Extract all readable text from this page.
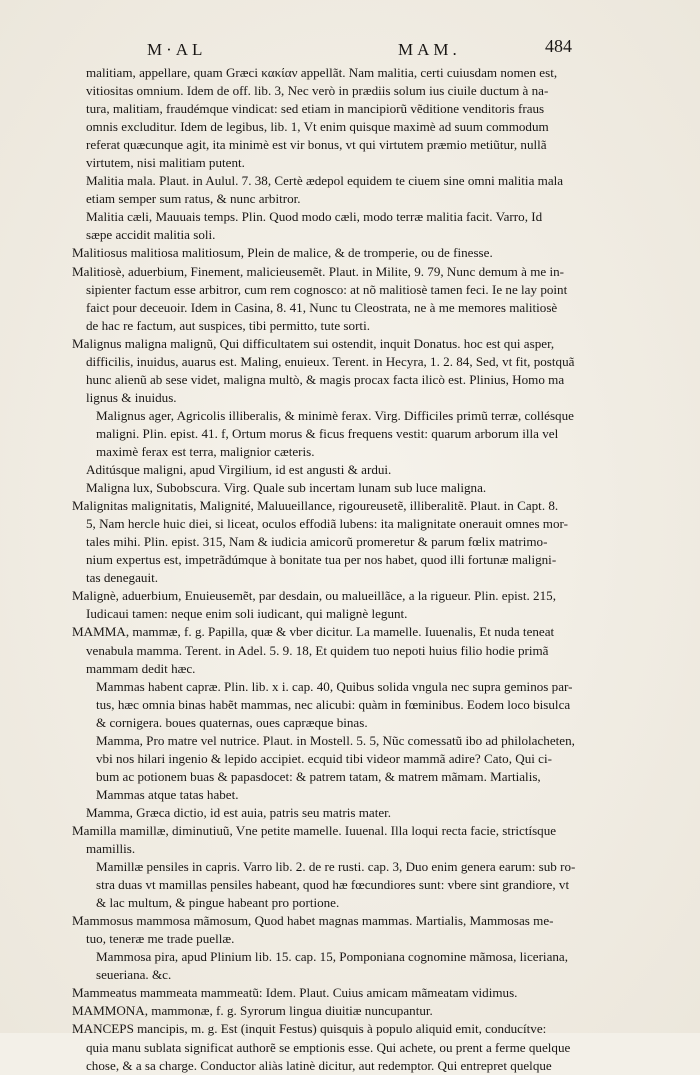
M·AL	MAM.	484
malitiam, appellare, quam Græci κακίαν appellãt. Nam malitia, certi cuiusdam nomen est,
vitiositas omnium. Idem de off. lib. 3, Nec verò in prædiis solum ius ciuile ductum à na-
tura, malitiam, fraudémque vindicat: sed etiam in mancipiorũ vẽditione venditoris fraus
omnis excluditur. Idem de legibus, lib. 1, Vt enim quisque maximè ad suum commodum
referat quæcunque agit, ita minimè est vir bonus, vt qui virtutem præmio metiũtur, nullã
virtutem, nisi malitiam putent.
Malitia mala. Plaut. in Aulul. 7. 38, Certè ædepol equidem te ciuem sine omni malitia mala
etiam semper sum ratus, & nunc arbitror.
Malitia cæli, Mauuais temps. Plin. Quod modo cæli, modo terræ malitia facit. Varro, Id
sæpe accidit malitia soli.
Malitiosus malitiosa malitiosum, Plein de malice, & de tromperie, ou de finesse.
Malitiosè, aduerbium, Finement, malicieusemẽt. Plaut. in Milite, 9. 79, Nunc demum à me in-
sipienter factum esse arbitror, cum rem cognosco: at nõ malitiosè tamen feci. Ie ne lay point
faict pour deceuoir. Idem in Casina, 8. 41, Nunc tu Cleostrata, ne à me memores malitiosè
de hac re factum, aut suspices, tibi permitto, tute sorti.
Malignus maligna malignũ, Qui difficultatem sui ostendit, inquit Donatus. hoc est qui asper,
difficilis, inuidus, auarus est. Maling, enuieux. Terent. in Hecyra, 1. 2. 84, Sed, vt fit, postquã
hunc alienũ ab sese videt, maligna multò, & magis procax facta ilicò est. Plinius, Homo ma
lignus & inuidus.
Malignus ager, Agricolis illiberalis, & minimè ferax. Virg. Difficiles primũ terræ, collésque
maligni. Plin. epist. 41. f, Ortum morus & ficus frequens vestit: quarum arborum illa vel
maximè ferax est terra, malignior cæteris.
Aditúsque maligni, apud Virgilium, id est angusti & ardui.
Maligna lux, Subobscura. Virg. Quale sub incertam lunam sub luce maligna.
Malignitas malignitatis, Malignité, Maluueillance, rigoureusetẽ, illiberalitẽ. Plaut. in Capt. 8.
5, Nam hercle huic diei, si liceat, oculos effodiã lubens: ita malignitate onerauit omnes mor-
tales mihi. Plin. epist. 315, Nam & iudicia amicorũ promeretur & parum fœlix matrimo-
nium expertus est, impetrãdúmque à bonitate tua per nos habet, quod illi fortunæ maligni-
tas denegauit.
Malignè, aduerbium, Enuieusemẽt, par desdain, ou malueillãce, a la rigueur. Plin. epist. 215,
Iudicaui tamen: neque enim soli iudicant, qui malignè legunt.
MAMMA, mammæ, f. g. Papilla, quæ & vber dicitur. La mamelle. Iuuenalis, Et nuda teneat
venabula mamma. Terent. in Adel. 5. 9. 18, Et quidem tuo nepoti huius filio hodie primã
mammam dedit hæc.
Mammas habent capræ. Plin. lib. x i. cap. 40, Quibus solida vngula nec supra geminos par-
tus, hæc omnia binas habẽt mammas, nec alicubi: quàm in fœminibus. Eodem loco bisulca
& cornigera. boues quaternas, oues capræque binas.
Mamma, Pro matre vel nutrice. Plaut. in Mostell. 5. 5, Nũc comessatũ ibo ad philolacheten,
vbi nos hilari ingenio & lepido accipiet. ecquid tibi videor mammã adire? Cato, Qui ci-
bum ac potionem buas & papasdocet: & patrem tatam, & matrem mãmam. Martialis,
Mammas atque tatas habet.
Mamma, Græca dictio, id est auia, patris seu matris mater.
Mamilla mamillæ, diminutiuũ, Vne petite mamelle. Iuuenal. Illa loqui recta facie, strictísque
mamillis.
Mamillæ pensiles in capris. Varro lib. 2. de re rusti. cap. 3, Duo enim genera earum: sub ro-
stra duas vt mamillas pensiles habeant, quod hæ fœcundiores sunt: vbere sint grandiore, vt
& lac multum, & pingue habeant pro portione.
Mammosus mammosa mãmosum, Quod habet magnas mammas. Martialis, Mammosas me-
tuo, teneræ me trade puellæ.
Mammosa pira, apud Plinium lib. 15. cap. 15, Pomponiana cognomine mãmosa, liceriana,
seueriana. &c.
Mammeatus mammeata mammeatũ: Idem. Plaut. Cuius amicam mãmeatam vidimus.
MAMMONA, mammonæ, f. g. Syrorum lingua diuitiæ nuncupantur.
MANCEPS mancipis, m. g. Est (inquit Festus) quisquis à populo aliquid emit, conducítve:
quia manu sublata significat authorẽ se emptionis esse. Qui achete, ou prent a ferme quelque
chose, & a sa charge. Conductor aliàs latinè dicitur, aut redemptor. Qui entrepret quelque
